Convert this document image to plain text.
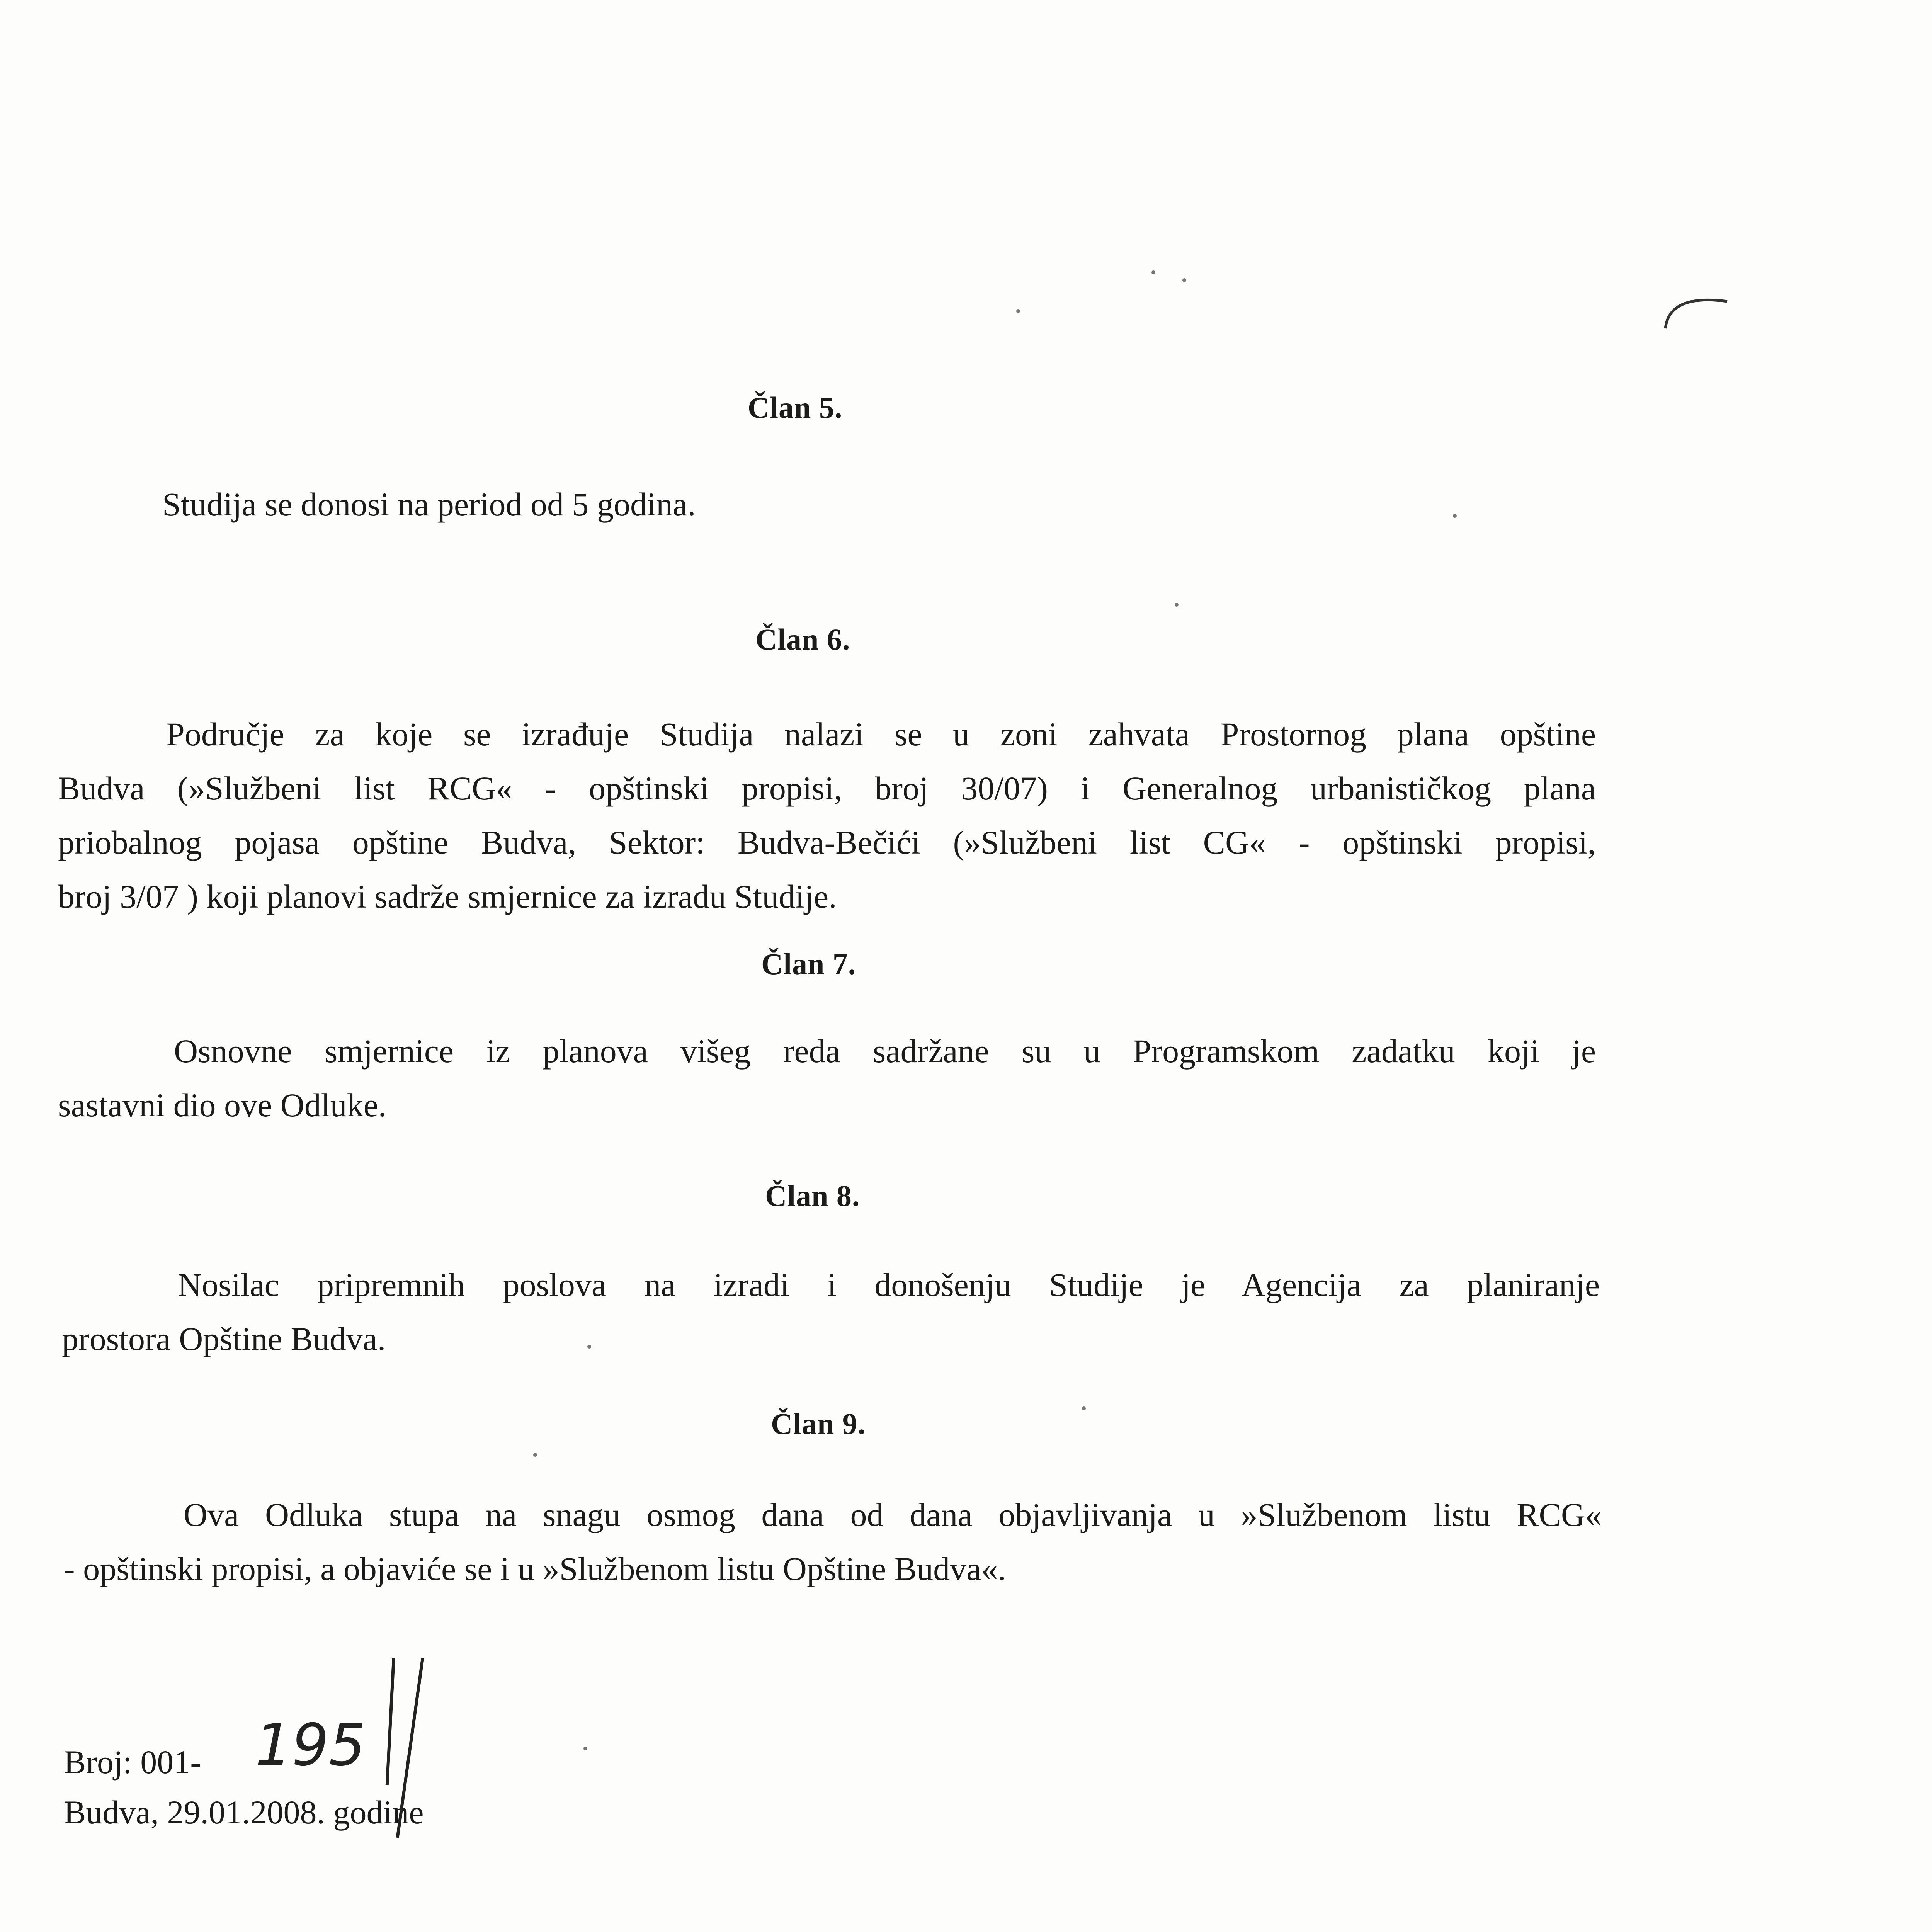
Član 5.
Studija se donosi na period od 5 godina.
Član 6.
Područje za koje se izrađuje Studija nalazi se u zoni zahvata Prostornog plana opštine
Budva (»Službeni list RCG« - opštinski propisi, broj 30/07) i Generalnog urbanističkog plana
priobalnog pojasa opštine Budva, Sektor: Budva-Bečići (»Službeni list CG« - opštinski propisi,
broj 3/07 ) koji planovi sadrže smjernice za izradu Studije.
Član 7.
Osnovne smjernice iz planova višeg reda sadržane su u Programskom zadatku koji je
sastavni dio ove Odluke.
Član 8.
Nosilac pripremnih poslova na izradi i donošenju Studije je Agencija za planiranje
prostora Opštine Budva.
Član 9.
Ova Odluka stupa na snagu osmog dana od dana objavljivanja u »Službenom listu RCG«
- opštinski propisi, a objaviće se i u »Službenom listu Opštine Budva«.
Broj: 001- 195
Budva, 29.01.2008. godine
